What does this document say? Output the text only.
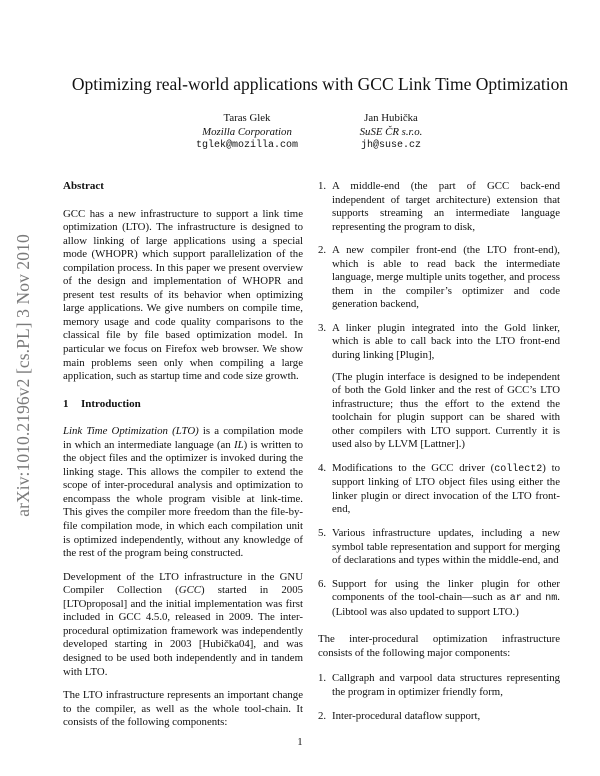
arXiv:1010.2196v2 [cs.PL] 3 Nov 2010
Optimizing real-world applications with GCC Link Time Optimization
Taras Glek
Mozilla Corporation
tglek@mozilla.com
Jan Hubička
SuSE ČR s.r.o.
jh@suse.cz
Abstract

GCC has a new infrastructure to support a link time optimization (LTO). The infrastructure is designed to allow linking of large applications using a special mode (WHOPR) which support parallelization of the compilation process. In this paper we present overview of the design and implementation of WHOPR and present test results of its behavior when optimizing large applications. We give numbers on compile time, memory usage and code quality comparisons to the classical file by file based optimization model. In particular we focus on Firefox web browser. We show main problems seen only when compiling a large application, such as startup time and code size growth.

1 Introduction

Link Time Optimization (LTO) is a compilation mode in which an intermediate language (an IL) is written to the object files and the optimizer is invoked during the linking stage. This allows the compiler to extend the scope of inter-procedural analysis and optimization to encompass the whole program visible at link-time. This gives the compiler more freedom than the file-by-file compilation mode, in which each compilation unit is optimized independently, without any knowledge of the rest of the program being constructed.

Development of the LTO infrastructure in the GNU Compiler Collection (GCC) started in 2005 [LTOproposal] and the initial implementation was first included in GCC 4.5.0, released in 2009. The inter-procedural optimization framework was independently developed starting in 2003 [Hubička04], and was designed to be used both independently and in tandem with LTO.

The LTO infrastructure represents an important change to the compiler, as well as the whole tool-chain. It consists of the following components:

1. A middle-end (the part of GCC back-end independent of target architecture) extension that supports streaming an intermediate language representing the program to disk,
2. A new compiler front-end (the LTO front-end), which is able to read back the intermediate language, merge multiple units together, and process them in the compiler’s optimizer and code generation backend,
3. A linker plugin integrated into the Gold linker, which is able to call back into the LTO front-end during linking [Plugin],
(The plugin interface is designed to be independent of both the Gold linker and the rest of GCC’s LTO infrastructure; thus the effort to the extend the toolchain for plugin support can be shared with other compilers with LTO support. Currently it is used also by LLVM [Lattner].)
4. Modifications to the GCC driver (collect2) to support linking of LTO object files using either the linker plugin or direct invocation of the LTO front-end,
5. Various infrastructure updates, including a new symbol table representation and support for merging of declarations and types within the middle-end, and
6. Support for using the linker plugin for other components of the tool-chain—such as ar and nm. (Libtool was also updated to support LTO.)

The inter-procedural optimization infrastructure consists of the following major components:

1. Callgraph and varpool data structures representing the program in optimizer friendly form,
2. Inter-procedural dataflow support,
1
